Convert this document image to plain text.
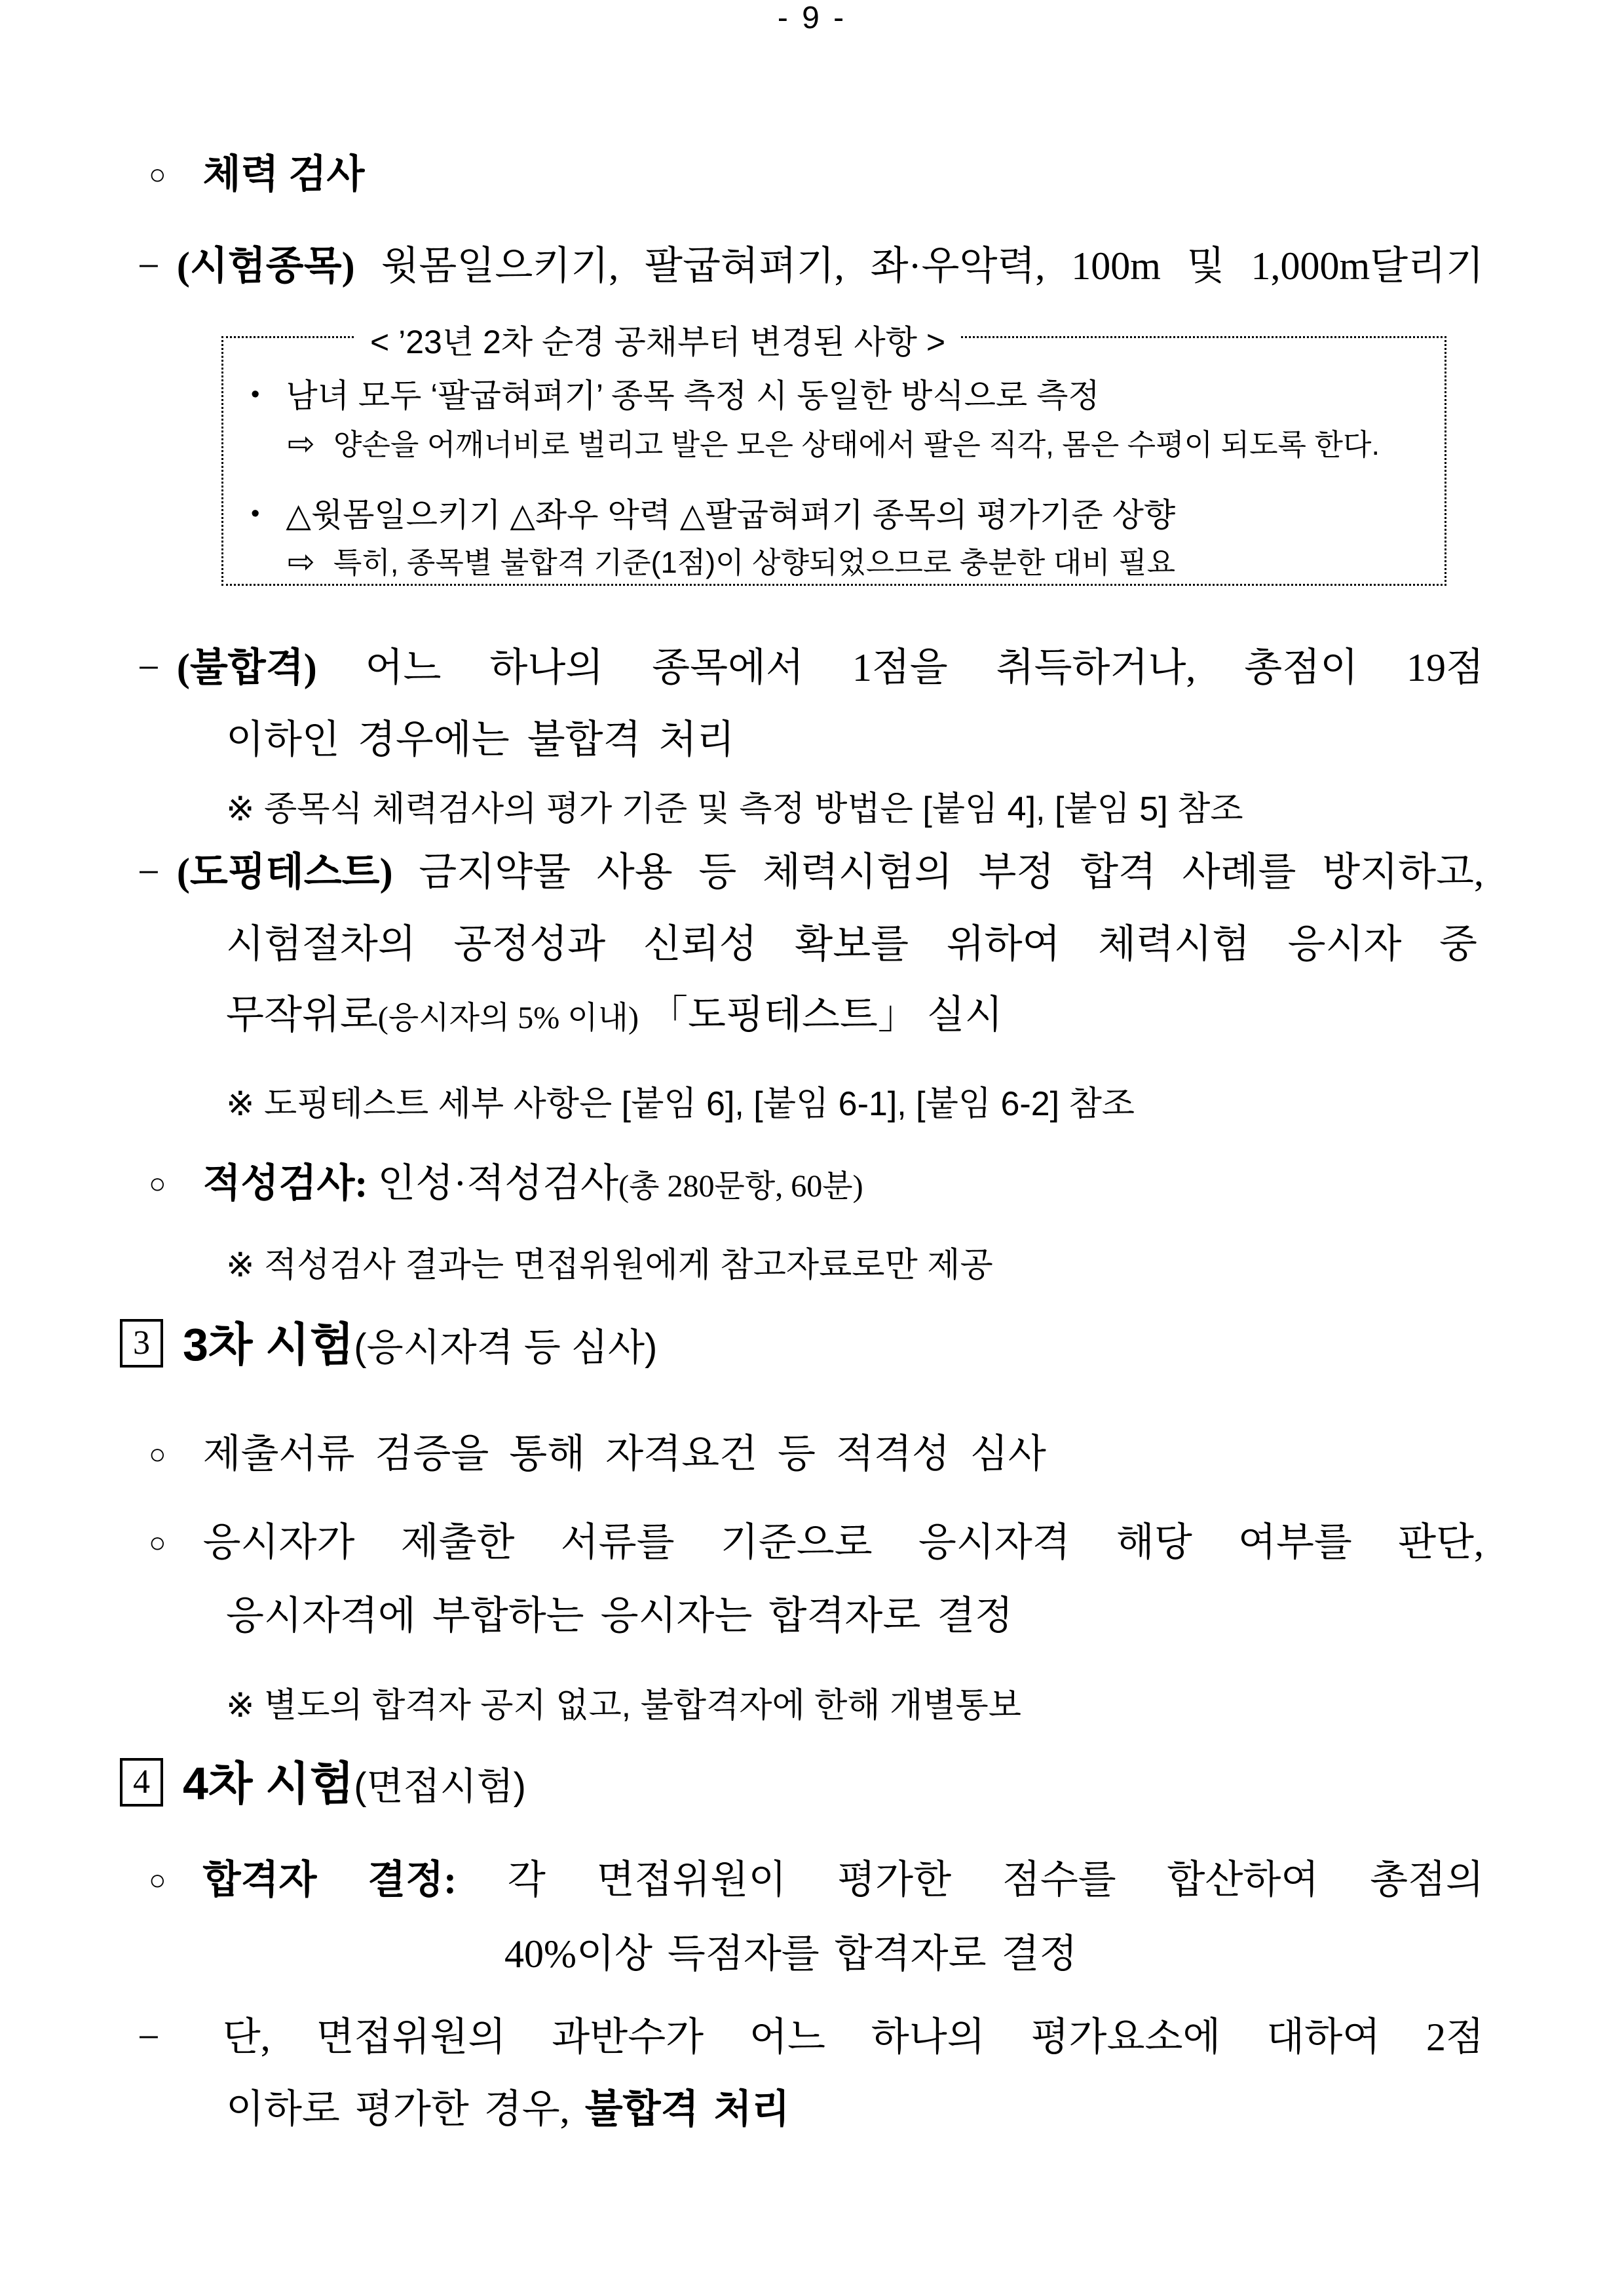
○ 체력 검사
− (시험종목) 윗몸일으키기, 팔굽혀펴기, 좌·우악력, 100m 및 1,000m달리기
< ’23년 2차 순경 공채부터 변경된 사항 >
• 남녀 모두 ‘팔굽혀펴기’ 종목 측정 시 동일한 방식으로 측정
⇨ 양손을 어깨너비로 벌리고 발은 모은 상태에서 팔은 직각, 몸은 수평이 되도록 한다.
• △윗몸일으키기 △좌우 악력 △팔굽혀펴기 종목의 평가기준 상향
⇨ 특히, 종목별 불합격 기준(1점)이 상향되었으므로 충분한 대비 필요
− (불합격) 어느 하나의 종목에서 1점을 취득하거나, 총점이 19점
이하인 경우에는 불합격 처리
※ 종목식 체력검사의 평가 기준 및 측정 방법은 [붙임 4], [붙임 5] 참조
− (도핑테스트) 금지약물 사용 등 체력시험의 부정 합격 사례를 방지하고,
시험절차의 공정성과 신뢰성 확보를 위하여 체력시험 응시자 중
무작위로(응시자의 5% 이내) 「도핑테스트」 실시
※ 도핑테스트 세부 사항은 [붙임 6], [붙임 6-1], [붙임 6-2] 참조
○ 적성검사: 인성·적성검사(총 280문항, 60분)
※ 적성검사 결과는 면접위원에게 참고자료로만 제공
3 3차 시험(응시자격 등 심사)
○ 제출서류 검증을 통해 자격요건 등 적격성 심사
○ 응시자가 제출한 서류를 기준으로 응시자격 해당 여부를 판단,
응시자격에 부합하는 응시자는 합격자로 결정
※ 별도의 합격자 공지 없고, 불합격자에 한해 개별통보
4 4차 시험(면접시험)
○ 합격자 결정: 각 면접위원이 평가한 점수를 합산하여 총점의
40%이상 득점자를 합격자로 결정
− 단, 면접위원의 과반수가 어느 하나의 평가요소에 대하여 2점
이하로 평가한 경우, 불합격 처리
- 9 -
